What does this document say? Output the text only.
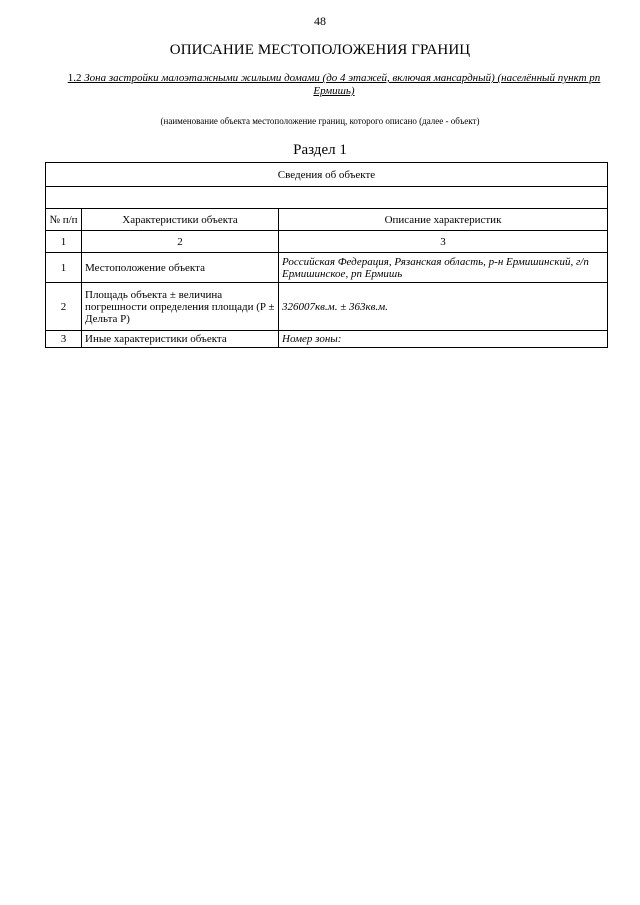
48
ОПИСАНИЕ МЕСТОПОЛОЖЕНИЯ ГРАНИЦ
1.2 Зона застройки малоэтажными жилыми домами (до 4 этажей, включая мансардный) (населённый пункт рп Ермишь)
(наименование объекта местоположение границ, которого описано (далее - объект)
Раздел 1
Сведения об объекте		

№ п/п	Характеристики объекта	Описание характеристик
1	2	3
1	Местоположение объекта	Российская Федерация, Рязанская область, р-н Ермишинский, г/п Ермишинское, рп Ермишь
2	Площадь объекта ± величина погрешности определения площади (P ± Дельта P)	326007кв.м. ± 363кв.м.
3	Иные характеристики объекта	Номер зоны:
